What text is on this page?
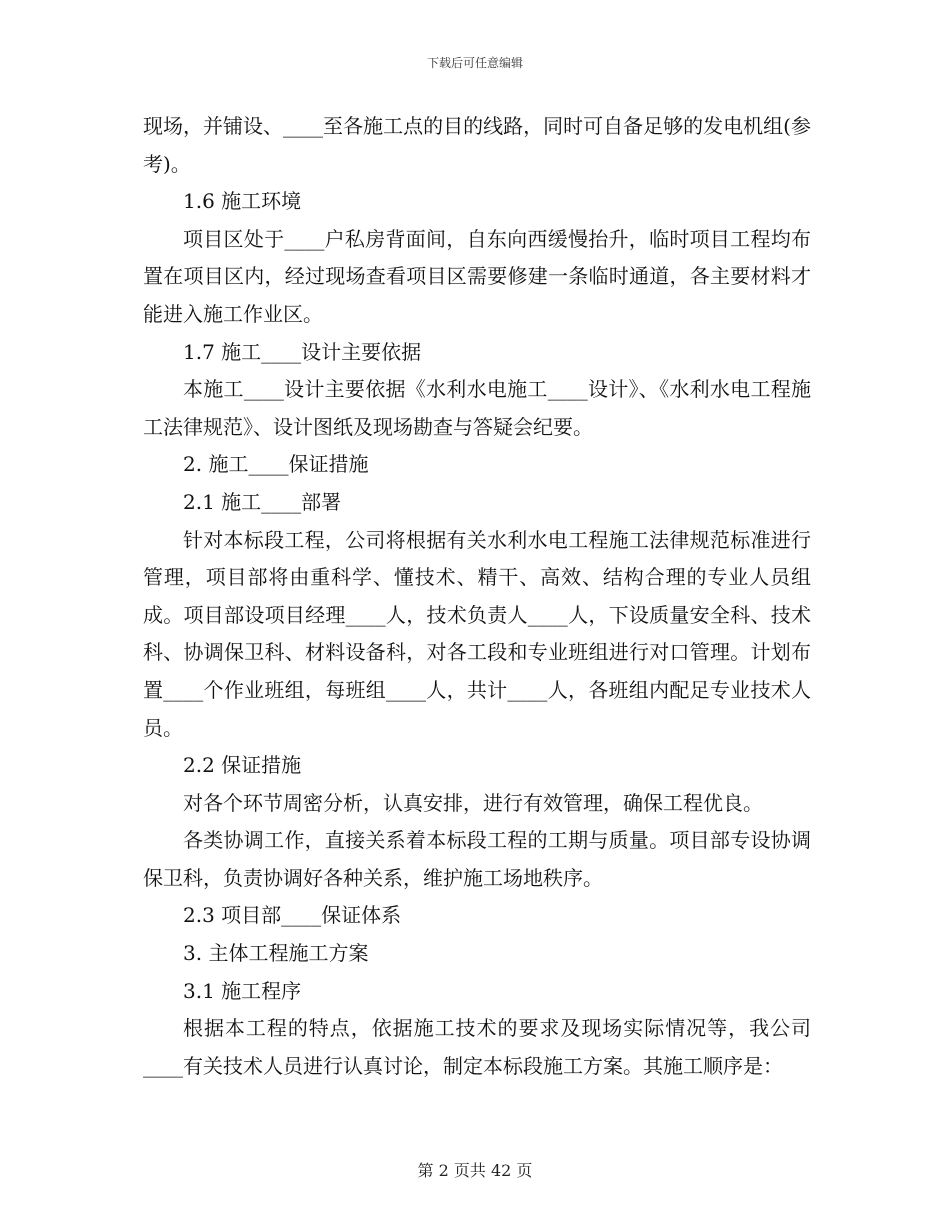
下载后可任意编辑

现场，并铺设、____至各施工点的目的线路，同时可自备足够的发电机组(参考)。

1.6 施工环境

项目区处于____户私房背面间，自东向西缓慢抬升，临时项目工程均布置在项目区内，经过现场查看项目区需要修建一条临时通道，各主要材料才能进入施工作业区。

1.7 施工____设计主要依据

本施工____设计主要依据《水利水电施工____设计》、《水利水电工程施工法律规范》、设计图纸及现场勘查与答疑会纪要。

2. 施工____保证措施

2.1 施工____部署

针对本标段工程，公司将根据有关水利水电工程施工法律规范标准进行管理，项目部将由重科学、懂技术、精干、高效、结构合理的专业人员组成。项目部设项目经理____人，技术负责人____人，下设质量安全科、技术科、协调保卫科、材料设备科，对各工段和专业班组进行对口管理。计划布置____个作业班组，每班组____人，共计____人，各班组内配足专业技术人员。

2.2 保证措施

对各个环节周密分析，认真安排，进行有效管理，确保工程优良。

各类协调工作，直接关系着本标段工程的工期与质量。项目部专设协调保卫科，负责协调好各种关系，维护施工场地秩序。

2.3 项目部____保证体系

3. 主体工程施工方案

3.1 施工程序

根据本工程的特点，依据施工技术的要求及现场实际情况等，我公司____有关技术人员进行认真讨论，制定本标段施工方案。其施工顺序是：

第 2 页共 42 页
